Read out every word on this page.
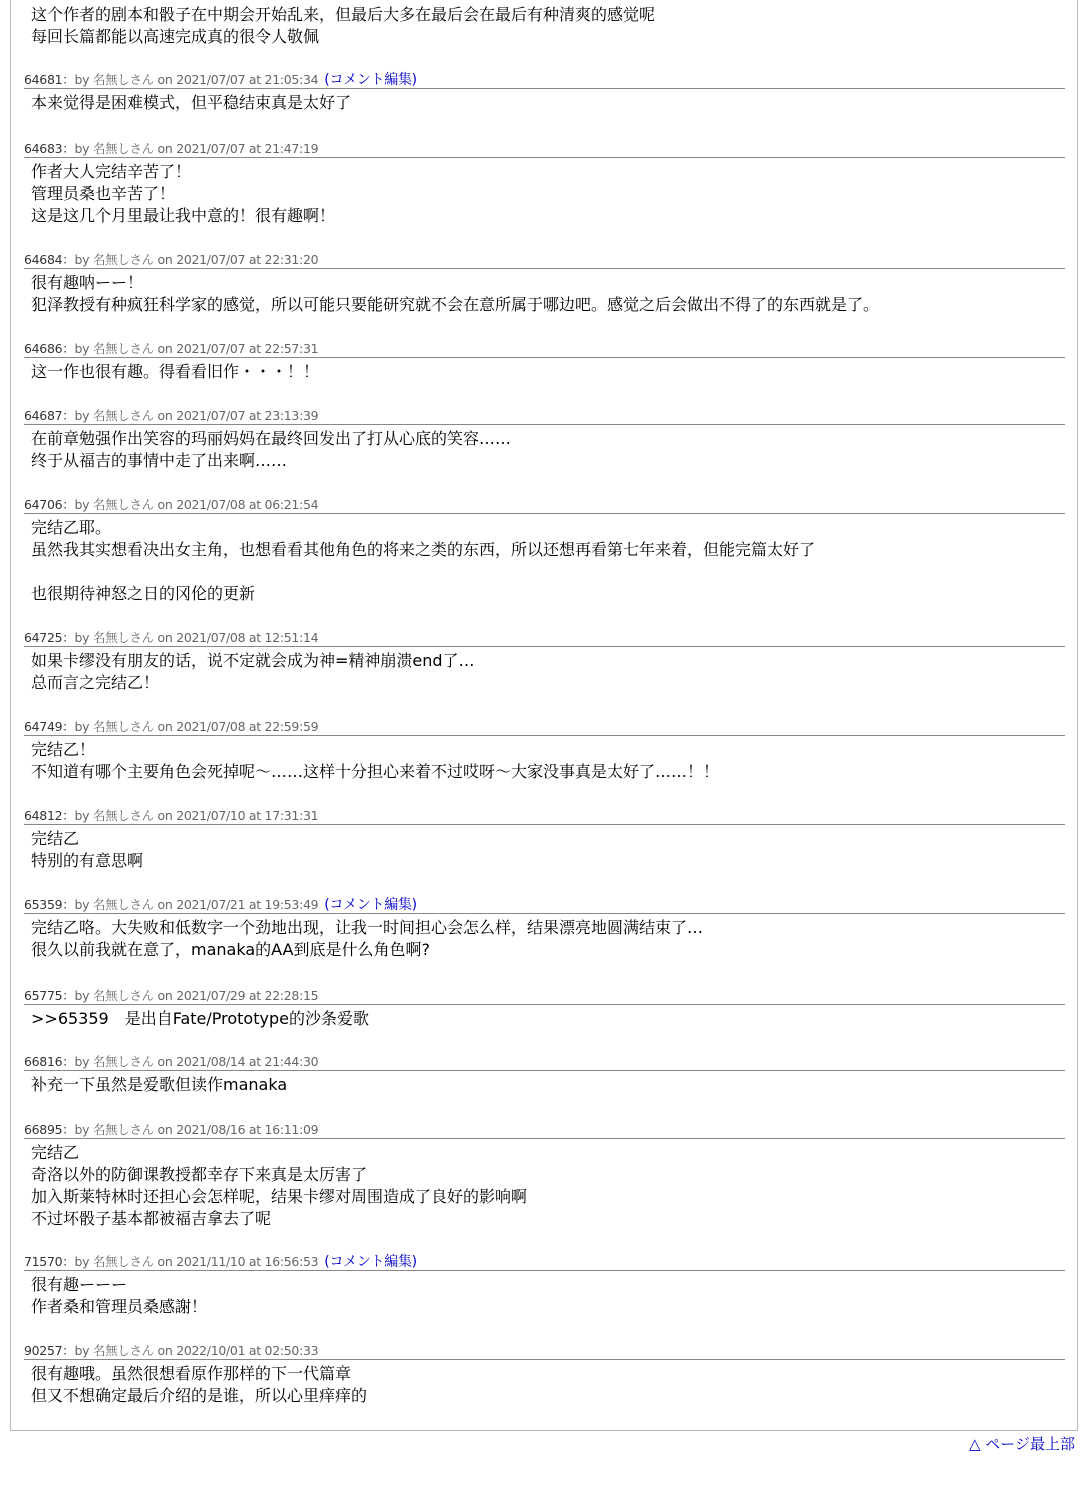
这个作者的剧本和骰子在中期会开始乱来，但最后大多在最后会在最后有种清爽的感觉呢
每回长篇都能以高速完成真的很令人敬佩
64681：by 名無しさん on 2021/07/07 at 21:05:34 (コメント編集)
本来觉得是困难模式，但平稳结束真是太好了
64683：by 名無しさん on 2021/07/07 at 21:47:19
作者大人完结辛苦了！
管理员桑也辛苦了！
这是这几个月里最让我中意的！很有趣啊！
64684：by 名無しさん on 2021/07/07 at 22:31:20
很有趣呐ーー！
犯泽教授有种疯狂科学家的感觉，所以可能只要能研究就不会在意所属于哪边吧。感觉之后会做出不得了的东西就是了。
64686：by 名無しさん on 2021/07/07 at 22:57:31
这一作也很有趣。得看看旧作・・・！！
64687：by 名無しさん on 2021/07/07 at 23:13:39
在前章勉强作出笑容的玛丽妈妈在最终回发出了打从心底的笑容……
终于从福吉的事情中走了出来啊……
64706：by 名無しさん on 2021/07/08 at 06:21:54
完结乙耶。
虽然我其实想看决出女主角，也想看看其他角色的将来之类的东西，所以还想再看第七年来着，但能完篇太好了

也很期待神怒之日的冈伦的更新
64725：by 名無しさん on 2021/07/08 at 12:51:14
如果卡缪没有朋友的话，说不定就会成为神=精神崩溃end了…
总而言之完结乙！
64749：by 名無しさん on 2021/07/08 at 22:59:59
完结乙！
不知道有哪个主要角色会死掉呢～……这样十分担心来着不过哎呀～大家没事真是太好了……！！
64812：by 名無しさん on 2021/07/10 at 17:31:31
完结乙
特别的有意思啊
65359：by 名無しさん on 2021/07/21 at 19:53:49 (コメント編集)
完结乙咯。大失败和低数字一个劲地出现，让我一时间担心会怎么样，结果漂亮地圆满结束了…
很久以前我就在意了，manaka的AA到底是什么角色啊?
65775：by 名無しさん on 2021/07/29 at 22:28:15
>>65359　是出自Fate/Prototype的沙条爱歌
66816：by 名無しさん on 2021/08/14 at 21:44:30
补充一下虽然是爱歌但读作manaka
66895：by 名無しさん on 2021/08/16 at 16:11:09
完结乙
奇洛以外的防御课教授都幸存下来真是太厉害了
加入斯莱特林时还担心会怎样呢，结果卡缪对周围造成了良好的影响啊
不过坏骰子基本都被福吉拿去了呢
71570：by 名無しさん on 2021/11/10 at 16:56:53 (コメント編集)
很有趣ーーー
作者桑和管理员桑感謝！
90257：by 名無しさん on 2022/10/01 at 02:50:33
很有趣哦。虽然很想看原作那样的下一代篇章
但又不想确定最后介绍的是谁，所以心里痒痒的
△ ページ最上部
